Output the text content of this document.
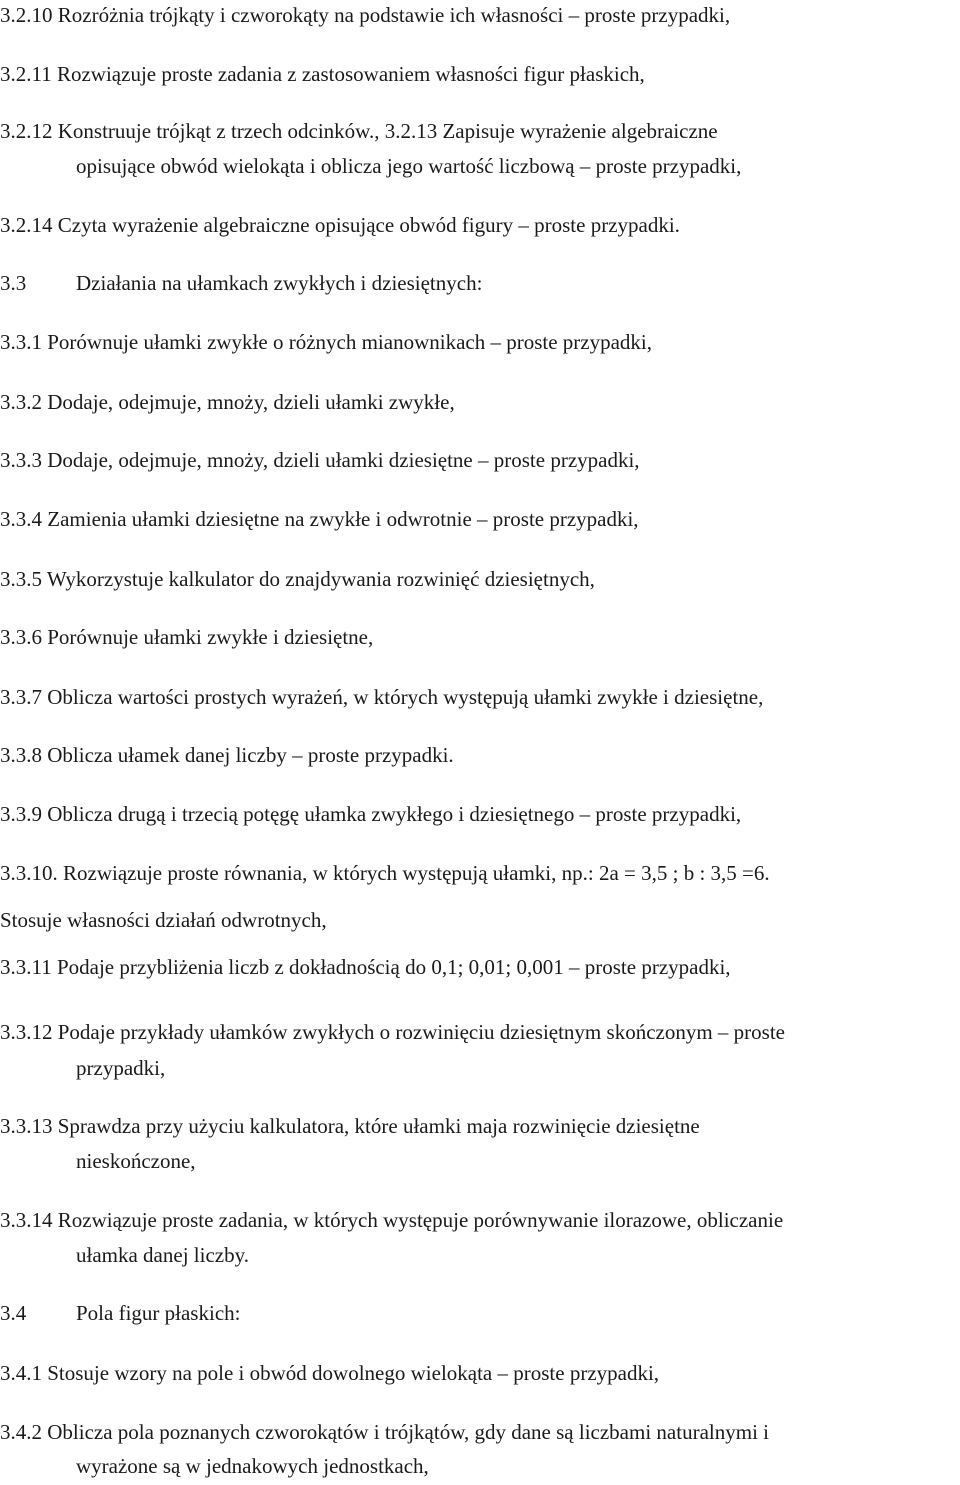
3.2.10 Rozróżnia trójkąty i czworokąty na podstawie ich własności – proste przypadki,
3.2.11 Rozwiązuje proste zadania z zastosowaniem własności figur płaskich,
3.2.12 Konstruuje trójkąt z trzech odcinków., 3.2.13 Zapisuje wyrażenie algebraiczne
opisujące obwód wielokąta i oblicza jego wartość liczbową – proste przypadki,
3.2.14 Czyta wyrażenie algebraiczne opisujące obwód figury – proste przypadki.
3.3 Działania na ułamkach zwykłych i dziesiętnych:
3.3.1 Porównuje ułamki zwykłe o różnych mianownikach – proste przypadki,
3.3.2 Dodaje, odejmuje, mnoży, dzieli ułamki zwykłe,
3.3.3 Dodaje, odejmuje, mnoży, dzieli ułamki dziesiętne – proste przypadki,
3.3.4 Zamienia ułamki dziesiętne na zwykłe i odwrotnie – proste przypadki,
3.3.5 Wykorzystuje kalkulator do znajdywania rozwinięć dziesiętnych,
3.3.6 Porównuje ułamki zwykłe i dziesiętne,
3.3.7 Oblicza wartości prostych wyrażeń, w których występują ułamki zwykłe i dziesiętne,
3.3.8 Oblicza ułamek danej liczby – proste przypadki.
3.3.9 Oblicza drugą i trzecią potęgę ułamka zwykłego i dziesiętnego – proste przypadki,
3.3.10. Rozwiązuje proste równania, w których występują ułamki, np.: 2a = 3,5 ; b : 3,5 =6.
Stosuje własności działań odwrotnych,
3.3.11 Podaje przybliżenia liczb z dokładnością do 0,1; 0,01; 0,001 – proste przypadki,
3.3.12 Podaje przykłady ułamków zwykłych o rozwinięciu dziesiętnym skończonym – proste
przypadki,
3.3.13 Sprawdza przy użyciu kalkulatora, które ułamki maja rozwinięcie dziesiętne
nieskończone,
3.3.14 Rozwiązuje proste zadania, w których występuje porównywanie ilorazowe, obliczanie
ułamka danej liczby.
3.4 Pola figur płaskich:
3.4.1 Stosuje wzory na pole i obwód dowolnego wielokąta – proste przypadki,
3.4.2 Oblicza pola poznanych czworokątów i trójkątów, gdy dane są liczbami naturalnymi i
wyrażone są w jednakowych jednostkach,
